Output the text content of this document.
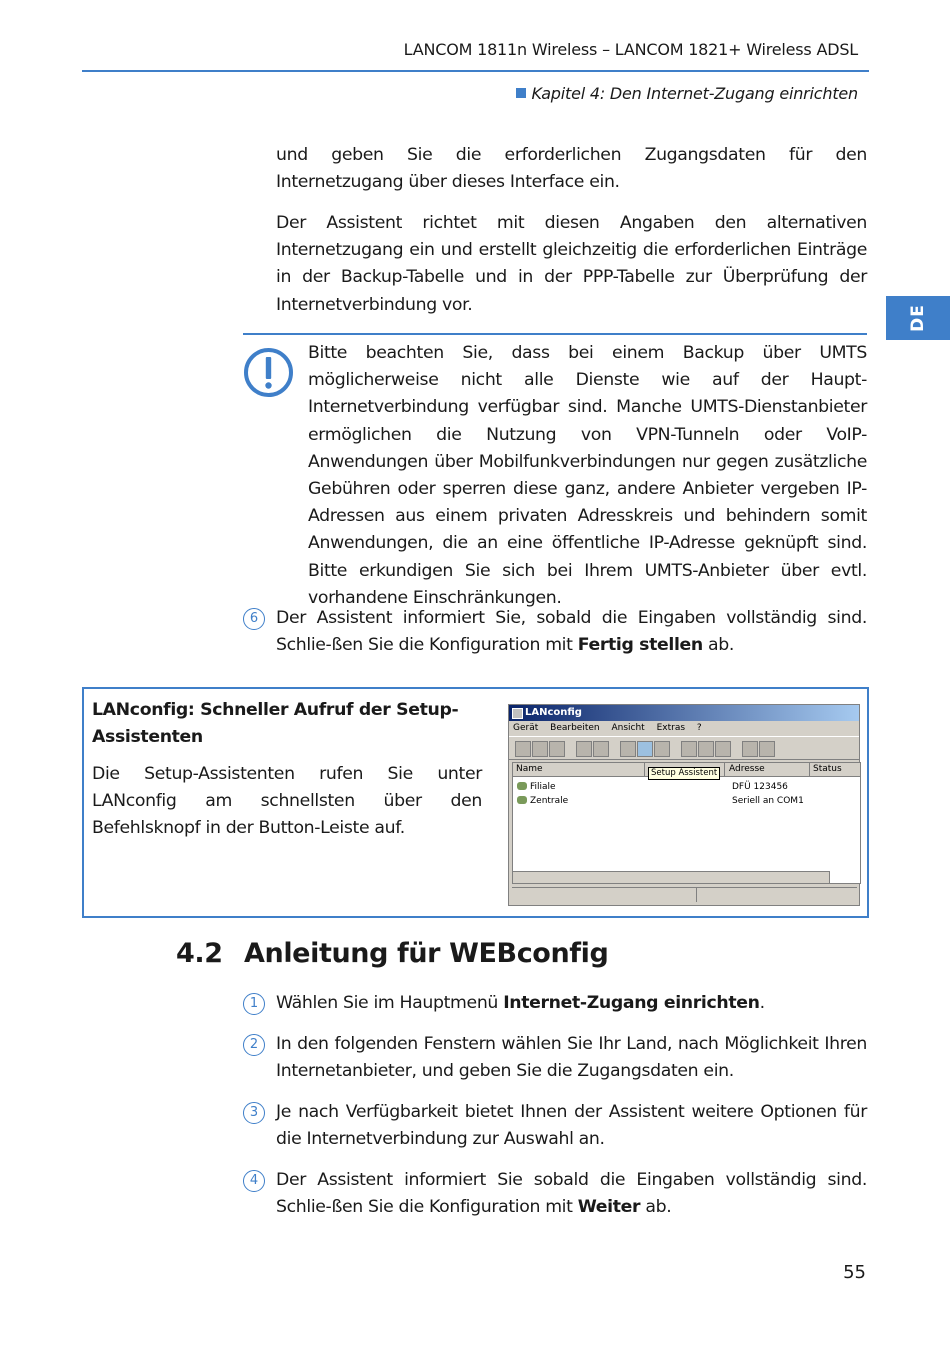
LANCOM 1811n Wireless – LANCOM 1821+ Wireless ADSL
Kapitel 4: Den Internet-Zugang einrichten
DE

und geben Sie die erforderlichen Zugangsdaten für den Internetzugang über dieses Interface ein.

Der Assistent richtet mit diesen Angaben den alternativen Internetzugang ein und erstellt gleichzeitig die erforderlichen Einträge in der Backup-Tabelle und in der PPP-Tabelle zur Überprüfung der Internetverbindung vor.

Bitte beachten Sie, dass bei einem Backup über UMTS möglicherweise nicht alle Dienste wie auf der Haupt-Internetverbindung verfügbar sind. Manche UMTS-Dienstanbieter ermöglichen die Nutzung von VPN-Tunneln oder VoIP-Anwendungen über Mobilfunkverbindungen nur gegen zusätzliche Gebühren oder sperren diese ganz, andere Anbieter vergeben IP-Adressen aus einem privaten Adresskreis und behindern somit Anwendungen, die an eine öffentliche IP-Adresse geknüpft sind. Bitte erkundigen Sie sich bei Ihrem UMTS-Anbieter über evtl. vorhandene Einschränkungen.

6	Der Assistent informiert Sie, sobald die Eingaben vollständig sind. Schlie-ßen Sie die Konfiguration mit Fertig stellen ab.
LANconfig: Schneller Aufruf der Setup-Assistenten
Die Setup-Assistenten rufen Sie unter LANconfig am schnellsten über den Befehlsknopf in der Button-Leiste auf.
LANconfig
Gerät Bearbeiten Ansicht Extras ?
Name	Adresse	Status
Filiale	DFÜ 123456
Zentrale	Seriell an COM1
Setup Assistent
4.2 Anleitung für WEBconfig
1	Wählen Sie im Hauptmenü Internet-Zugang einrichten.
2	In den folgenden Fenstern wählen Sie Ihr Land, nach Möglichkeit Ihren Internetanbieter, und geben Sie die Zugangsdaten ein.
3	Je nach Verfügbarkeit bietet Ihnen der Assistent weitere Optionen für die Internetverbindung zur Auswahl an.
4	Der Assistent informiert Sie sobald die Eingaben vollständig sind. Schlie-ßen Sie die Konfiguration mit Weiter ab.
55
